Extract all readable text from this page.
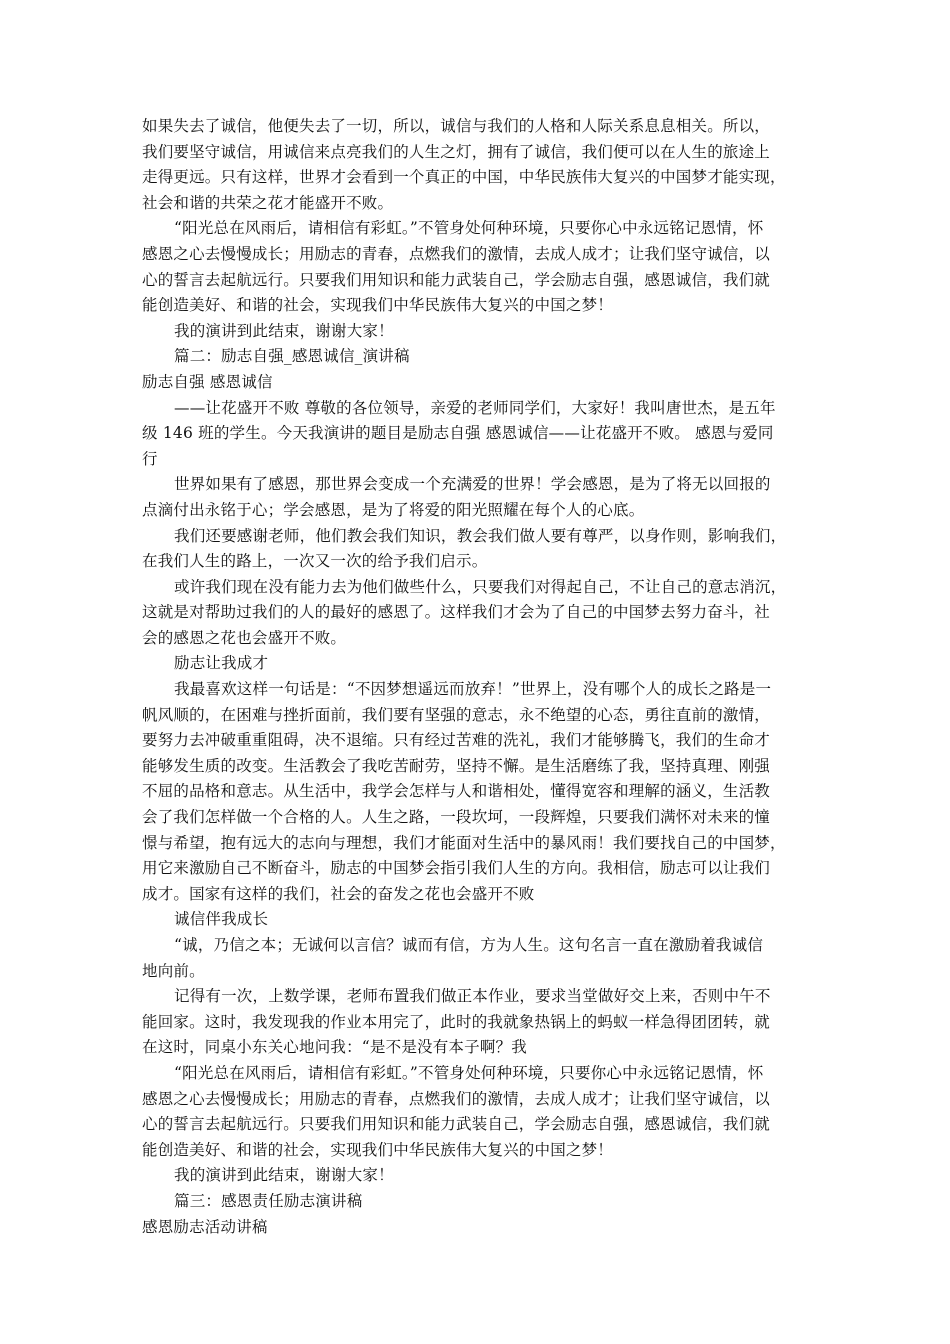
如果失去了诚信，他便失去了一切，所以，诚信与我们的人格和人际关系息息相关。所以，
我们要坚守诚信，用诚信来点亮我们的人生之灯，拥有了诚信，我们便可以在人生的旅途上
走得更远。只有这样，世界才会看到一个真正的中国，中华民族伟大复兴的中国梦才能实现，
社会和谐的共荣之花才能盛开不败。
“阳光总在风雨后，请相信有彩虹。”不管身处何种环境，只要你心中永远铭记恩情，怀
感恩之心去慢慢成长；用励志的青春，点燃我们的激情，去成人成才；让我们坚守诚信，以
心的誓言去起航远行。只要我们用知识和能力武装自己，学会励志自强，感恩诚信，我们就
能创造美好、和谐的社会，实现我们中华民族伟大复兴的中国之梦！
我的演讲到此结束，谢谢大家！
篇二：励志自强_感恩诚信_演讲稿
励志自强 感恩诚信
——让花盛开不败 尊敬的各位领导，亲爱的老师同学们，大家好！我叫唐世杰，是五年
级 146 班的学生。今天我演讲的题目是励志自强 感恩诚信——让花盛开不败。 感恩与爱同
行
世界如果有了感恩，那世界会变成一个充满爱的世界！学会感恩，是为了将无以回报的
点滴付出永铭于心；学会感恩，是为了将爱的阳光照耀在每个人的心底。
我们还要感谢老师，他们教会我们知识，教会我们做人要有尊严，以身作则，影响我们，
在我们人生的路上，一次又一次的给予我们启示。
或许我们现在没有能力去为他们做些什么，只要我们对得起自己，不让自己的意志消沉，
这就是对帮助过我们的人的最好的感恩了。这样我们才会为了自己的中国梦去努力奋斗，社
会的感恩之花也会盛开不败。
励志让我成才
我最喜欢这样一句话是：“不因梦想遥远而放弃！”世界上，没有哪个人的成长之路是一
帆风顺的，在困难与挫折面前，我们要有坚强的意志，永不绝望的心态，勇往直前的激情，
要努力去冲破重重阻碍，决不退缩。只有经过苦难的洗礼，我们才能够腾飞，我们的生命才
能够发生质的改变。生活教会了我吃苦耐劳，坚持不懈。是生活磨练了我，坚持真理、刚强
不屈的品格和意志。从生活中，我学会怎样与人和谐相处，懂得宽容和理解的涵义，生活教
会了我们怎样做一个合格的人。人生之路，一段坎坷，一段辉煌，只要我们满怀对未来的憧
憬与希望，抱有远大的志向与理想，我们才能面对生活中的暴风雨！我们要找自己的中国梦，
用它来激励自己不断奋斗，励志的中国梦会指引我们人生的方向。我相信，励志可以让我们
成才。国家有这样的我们，社会的奋发之花也会盛开不败
诚信伴我成长
“诚，乃信之本；无诚何以言信？诚而有信，方为人生。这句名言一直在激励着我诚信
地向前。
记得有一次，上数学课，老师布置我们做正本作业，要求当堂做好交上来，否则中午不
能回家。这时，我发现我的作业本用完了，此时的我就象热锅上的蚂蚁一样急得团团转，就
在这时，同桌小东关心地问我：“是不是没有本子啊？我
“阳光总在风雨后，请相信有彩虹。”不管身处何种环境，只要你心中永远铭记恩情，怀
感恩之心去慢慢成长；用励志的青春，点燃我们的激情，去成人成才；让我们坚守诚信，以
心的誓言去起航远行。只要我们用知识和能力武装自己，学会励志自强，感恩诚信，我们就
能创造美好、和谐的社会，实现我们中华民族伟大复兴的中国之梦！
我的演讲到此结束，谢谢大家！
篇三：感恩责任励志演讲稿
感恩励志活动讲稿
